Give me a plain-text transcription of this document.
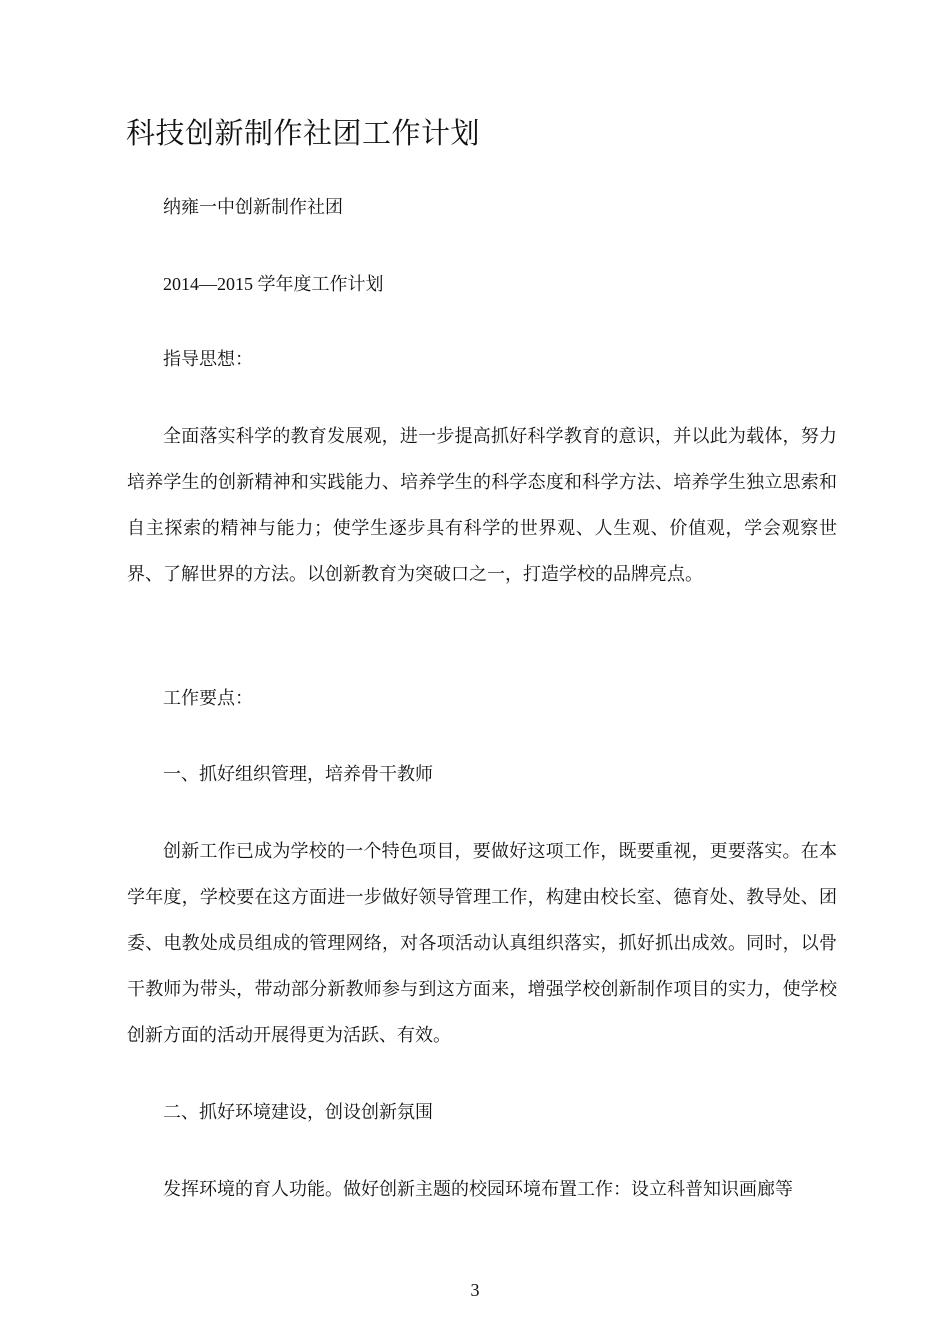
科技创新制作社团工作计划

纳雍一中创新制作社团

2014—2015 学年度工作计划

指导思想：

全面落实科学的教育发展观，进一步提高抓好科学教育的意识，并以此为载体，努力培养学生的创新精神和实践能力、培养学生的科学态度和科学方法、培养学生独立思索和自主探索的精神与能力；使学生逐步具有科学的世界观、人生观、价值观，学会观察世界、了解世界的方法。以创新教育为突破口之一，打造学校的品牌亮点。

工作要点：

一、抓好组织管理，培养骨干教师

创新工作已成为学校的一个特色项目，要做好这项工作，既要重视，更要落实。在本学年度，学校要在这方面进一步做好领导管理工作，构建由校长室、德育处、教导处、团委、电教处成员组成的管理网络，对各项活动认真组织落实，抓好抓出成效。同时，以骨干教师为带头，带动部分新教师参与到这方面来，增强学校创新制作项目的实力，使学校创新方面的活动开展得更为活跃、有效。

二、抓好环境建设，创设创新氛围

发挥环境的育人功能。做好创新主题的校园环境布置工作：设立科普知识画廊等

3
